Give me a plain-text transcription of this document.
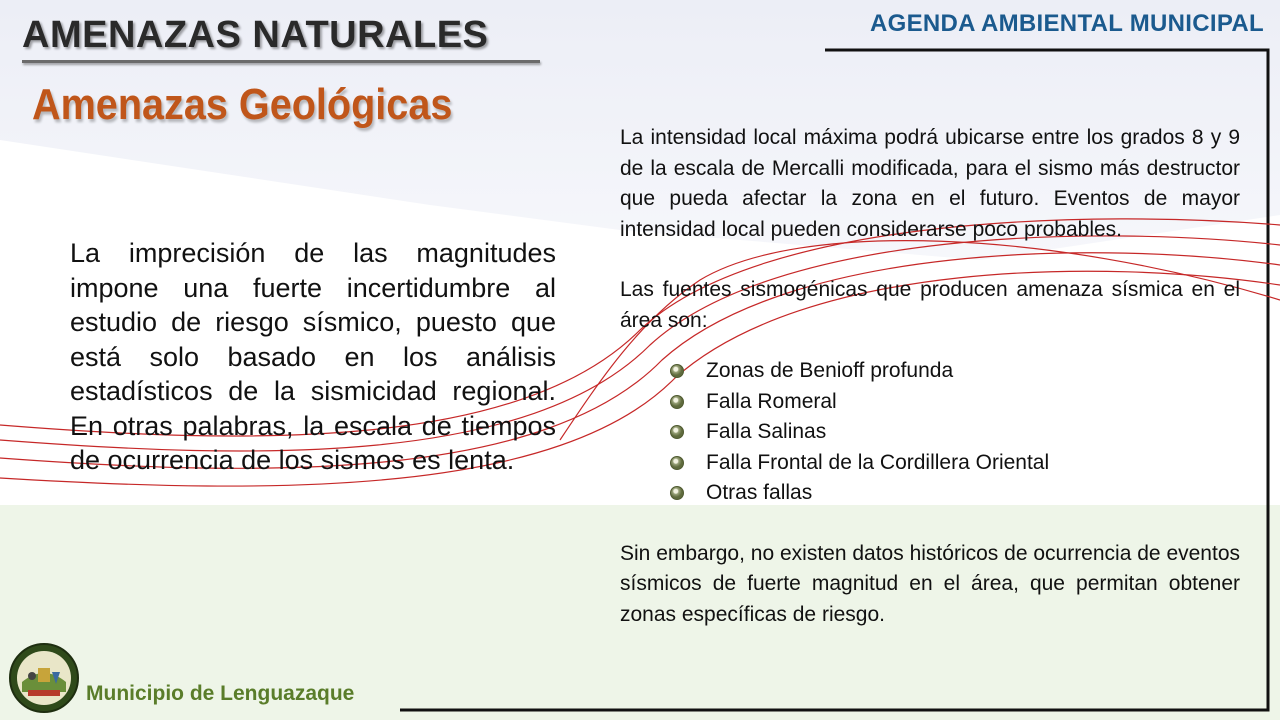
AMENAZAS NATURALES
Amenazas Geológicas
AGENDA AMBIENTAL MUNICIPAL
La imprecisión de las magnitudes impone una fuerte incertidumbre al estudio de riesgo sísmico, puesto que está solo basado en los análisis estadísticos de la sismicidad regional. En otras palabras, la escala de tiempos de ocurrencia de los sismos es lenta.

La intensidad local máxima podrá ubicarse entre los grados 8 y 9 de la escala de Mercalli modificada, para el sismo más destructor que pueda afectar la zona en el futuro. Eventos de mayor intensidad local pueden considerarse poco probables.

Las fuentes sismogénicas que producen amenaza sísmica en el área son:

Zonas de Benioff profunda
Falla Romeral
Falla Salinas
Falla Frontal de la Cordillera Oriental
Otras fallas

Sin embargo, no existen datos históricos de ocurrencia de eventos sísmicos de fuerte magnitud en el área, que permitan obtener zonas específicas de riesgo.

Municipio de Lenguazaque
